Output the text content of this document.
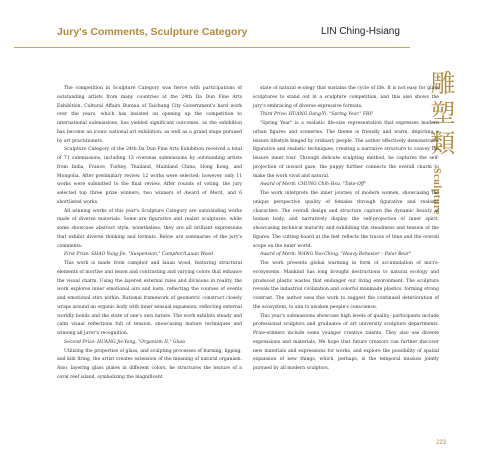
Jury's Comments, Sculpture Category	LIN Ching-Hsiang
雕
塑
類
Sculpture

The competition in Sculpture Category was fierce with participations of outstanding artists from many countries at the 24th Da Dun Fine Arts Exhibition. Cultural Affairs Bureau of Taichung City Government's hard work over the years, which has insisted on opening up the competition to international submissions, has yielded significant outcomes, as the exhibition has become an iconic national art exhibition, as well as a grand stage pursued by art practitioners.

Sculpture Category of the 24th Da Dun Fine Arts Exhibition received a total of 71 submissions, including 13 overseas submissions by outstanding artists from India, France, Turkey, Thailand, Mainland China, Hong Kong, and Mongolia. After preliminary review, 12 works were selected; however, only 11 works were submitted to the final review. After rounds of voting, the jury selected top three prize winners, two winners of Award of Merit, and 6 shortlisted works.

All winning works of this year's Sculpture Category are outstanding works made of diverse materials. Some are figurative and realist sculptures, while some showcase abstract style; nonetheless, they are all brilliant expressions that exhibit diverse thinking and formats. Below are summaries of the jury's comments:

First Prize: SHAO Yung-Jie, "Suspension," Camphor/Lauan Wood

This work is made from camphor and lauan wood, featuring structural elements of mortise and tenon and contrasting and varying colors that enhance the visual charm. Using the layered external rules and divisions in reality, the work explores inner emotional airs and lusts, reflecting the courses of events and emotional stirs within. Rational framework of geometric construct closely wraps around an organic body with inner sensual expansion, reflecting external worldly bonds and the state of one's own nature. The work exhibits steady and calm visual reflections full of tension, showcasing mature techniques and winning all juror's recognition.

Second Prize: HUANG Jie-Yang, "Organism II," Glass

Utilizing the properties of glass, and sculpting processes of burning, lipping, and kiln firing, the artist creates extension of the meaning of natural organism. Also, layering glass plates in different colors, he structures the texture of a coral reef island, symbolizing the magnificent

state of natural ecology that sustains the cycle of life. It is not easy for glass sculptures to stand out in a sculpture competition, and this also shows the jury's embracing of diverse expressive formats.

Third Prize: HUANG Dang-Yi, "Spring Year," FRP

"Spring Year" is a realistic life-size representation that expresses modern urban figures and sceneries. The theme is friendly and warm, depicting a leisure lifestyle hinged by ordinary people. The author effectively demonstrates figurative and realistic techniques, creating a narrative structure to convey the leisure inner tour. Through delicate sculpting method, he captures the self-projection of inward gaze, the puppy further connects the overall charm to make the work vivid and natural.

Award of Merit: CHUNG Chih-Hsu, "Take-Off"

The work interprets the inner journey of modern women, showcasing the unique perspective quality of females through figurative and realistic characters. The overall design and structure capture the dynamic beauty of human body, and narratively display the self-projection of inner spirit, showcasing technical maturity and exhibiting the steadiness and tension of the figures. The cutting board at the feet reflects the traces of time and the overall scope on the inner world.

Award of Merit: WANG Yao-Ching, "Heavy Behavior – Polar Bear"

The work presents global warming in form of accumulation of micro-ecosystems. Mankind has long brought destructions to natural ecology and produced plastic wastes that endanger our living environment. The sculpture reveals the industrial civilization and colorful manmade plastics, forming strong contrast. The author uses this work to suggest the continued deterioration of the ecosystem, to aim to awaken people's conscience.

This year's submissions showcase high levels of quality; participants include professional sculptors and graduates of art university sculpture departments. Prize-winners include some younger creative talents. They also use diverse expressions and materials. We hope that future creators can further discover new materials and expressions for works, and explore the possibility of spatial expansion of new things, which, perhaps, is the temporal mission jointly pursued by all modern sculptors.

223
